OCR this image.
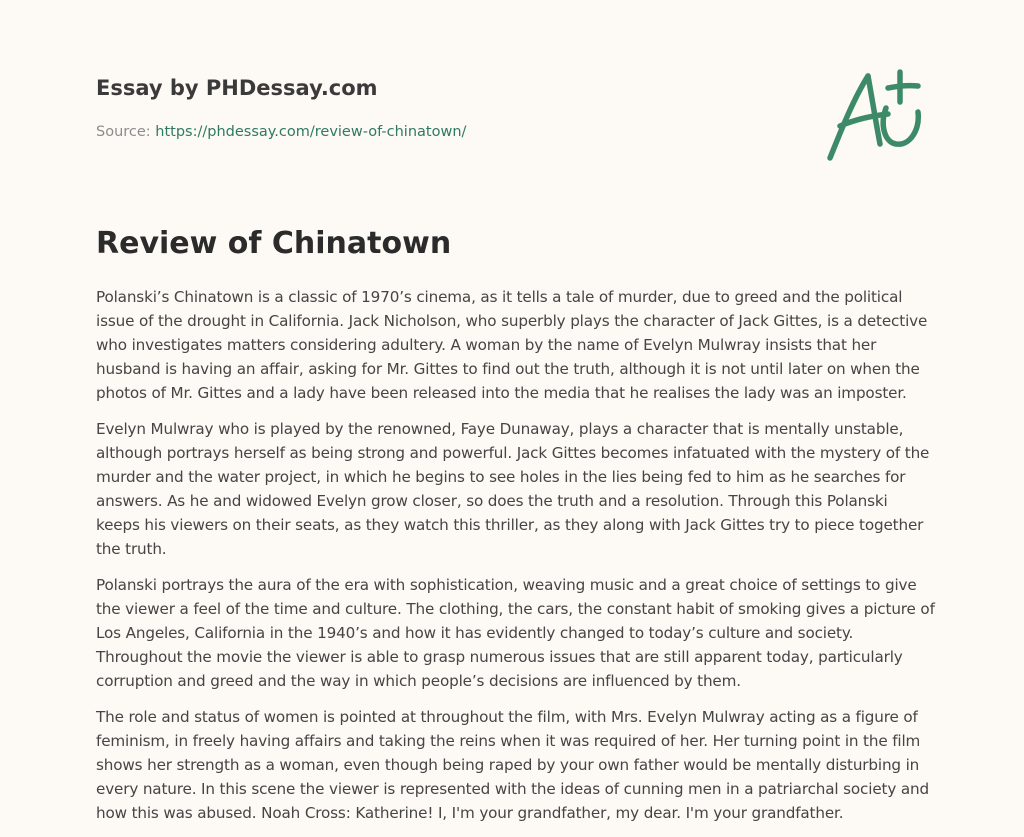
Essay by PHDessay.com
Source: https://phdessay.com/review-of-chinatown/
Review of Chinatown

Polanski’s Chinatown is a classic of 1970’s cinema, as it tells a tale of murder, due to greed and the political issue of the drought in California. Jack Nicholson, who superbly plays the character of Jack Gittes, is a detective who investigates matters considering adultery. A woman by the name of Evelyn Mulwray insists that her husband is having an affair, asking for Mr. Gittes to find out the truth, although it is not until later on when the photos of Mr. Gittes and a lady have been released into the media that he realises the lady was an imposter.

Evelyn Mulwray who is played by the renowned, Faye Dunaway, plays a character that is mentally unstable, although portrays herself as being strong and powerful. Jack Gittes becomes infatuated with the mystery of the murder and the water project, in which he begins to see holes in the lies being fed to him as he searches for answers. As he and widowed Evelyn grow closer, so does the truth and a resolution. Through this Polanski keeps his viewers on their seats, as they watch this thriller, as they along with Jack Gittes try to piece together the truth.

Polanski portrays the aura of the era with sophistication, weaving music and a great choice of settings to give the viewer a feel of the time and culture. The clothing, the cars, the constant habit of smoking gives a picture of Los Angeles, California in the 1940’s and how it has evidently changed to today’s culture and society. Throughout the movie the viewer is able to grasp numerous issues that are still apparent today, particularly corruption and greed and the way in which people’s decisions are influenced by them.

The role and status of women is pointed at throughout the film, with Mrs. Evelyn Mulwray acting as a figure of feminism, in freely having affairs and taking the reins when it was required of her. Her turning point in the film shows her strength as a woman, even though being raped by your own father would be mentally disturbing in every nature. In this scene the viewer is represented with the ideas of cunning men in a patriarchal society and how this was abused. Noah Cross: Katherine! I, I'm your grandfather, my dear. I'm your grandfather.
